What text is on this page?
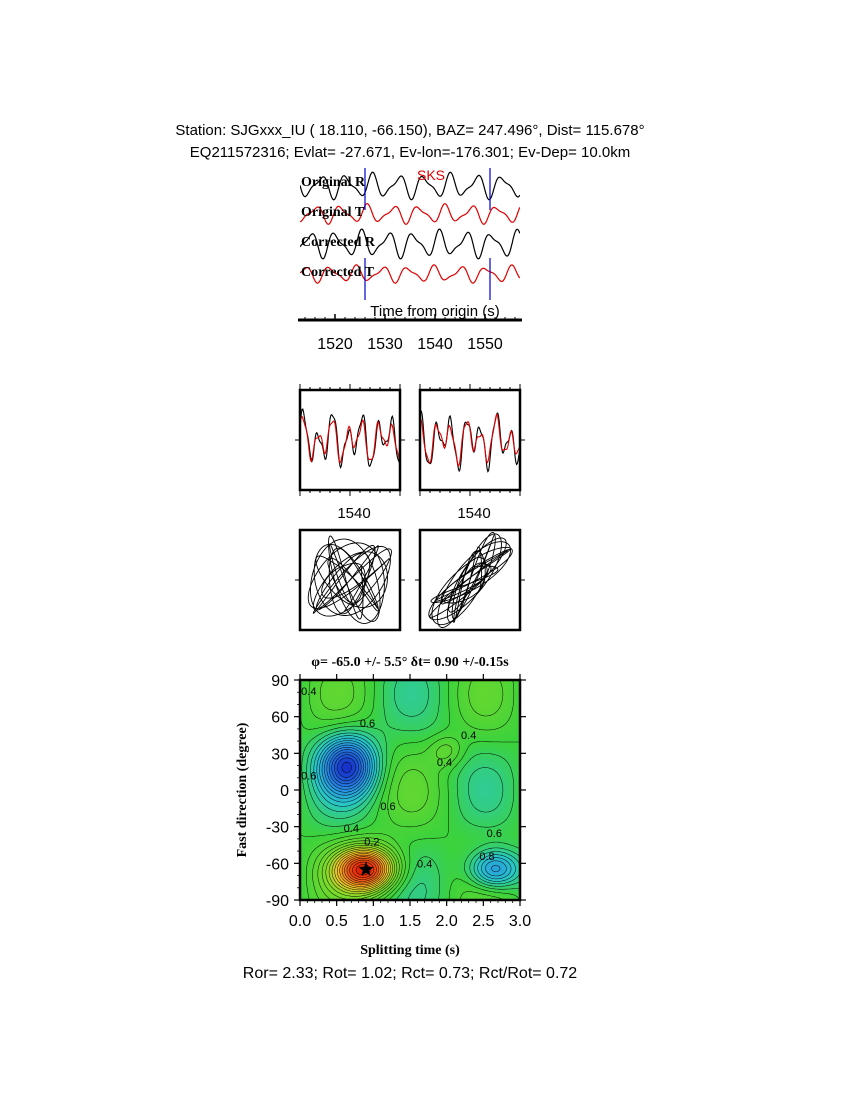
Station: SJGxxx_IU ( 18.110, -66.150), BAZ= 247.496°, Dist= 115.678°
EQ211572316; Evlat= -27.671, Ev-lon=-176.301; Ev-Dep= 10.0km
Original R
Original T
Corrected R
Corrected T
SKS
Time from origin (s)
1520 1530 1540 1550
1540	1540
φ= -65.0 +/- 5.5° δt= 0.90 +/-0.15s
0.4
0.6
0.4
0.4
0.6
0.6
0.4
0.2
0.6
0.8
0.4
0.0 0.5 1.0 1.5 2.0 2.5 3.0
90
60
30
0
-30
-60
-90
Splitting time (s)
Fast direction (degree)
Ror= 2.33; Rot= 1.02; Rct= 0.73; Rct/Rot= 0.72
